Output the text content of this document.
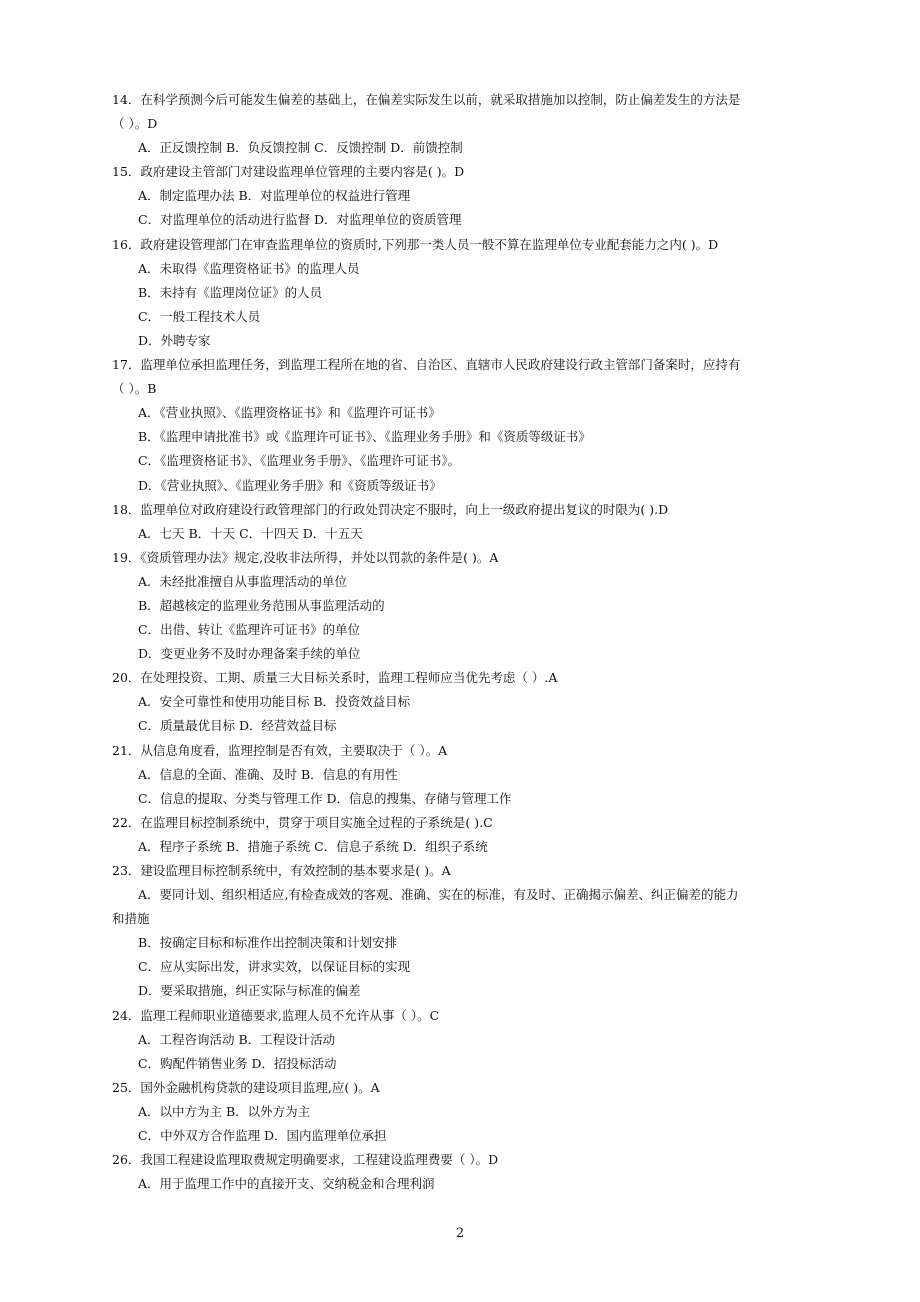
14．在科学预测今后可能发生偏差的基础上，在偏差实际发生以前，就采取措施加以控制，防止偏差发生的方法是
（ ）。D
A．正反馈控制 B．负反馈控制 C．反馈控制 D．前馈控制
15．政府建设主管部门对建设监理单位管理的主要内容是( )。D
A．制定监理办法 B．对监理单位的权益进行管理
C．对监理单位的活动进行监督 D．对监理单位的资质管理
16．政府建设管理部门在审查监理单位的资质时,下列那一类人员一般不算在监理单位专业配套能力之内( )。D
A．未取得《监理资格证书》的监理人员
B．未持有《监理岗位证》的人员
C．一般工程技术人员
D．外聘专家
17．监理单位承担监理任务，到监理工程所在地的省、自治区、直辖市人民政府建设行政主管部门备案时，应持有
（ ）。B
A．《营业执照》、《监理资格证书》和《监理许可证书》
B．《监理申请批准书》或《监理许可证书》、《监理业务手册》和《资质等级证书》
C．《监理资格证书》、《监理业务手册》、《监理许可证书》。
D．《营业执照》、《监理业务手册》和《资质等级证书》
18．监理单位对政府建设行政管理部门的行政处罚决定不服时，向上一级政府提出复议的时限为( ).D
A．七天 B．十天 C．十四天 D．十五天
19．《资质管理办法》规定,没收非法所得，并处以罚款的条件是( )。A
A．未经批准擅自从事监理活动的单位
B．超越核定的监理业务范围从事监理活动的
C．出借、转让《监理许可证书》的单位
D．变更业务不及时办理备案手续的单位
20．在处理投资、工期、质量三大目标关系时，监理工程师应当优先考虑（ ）.A
A．安全可靠性和使用功能目标 B．投资效益目标
C．质量最优目标 D．经营效益目标
21．从信息角度看，监理控制是否有效，主要取决于（ ）。A
A．信息的全面、准确、及时 B．信息的有用性
C．信息的提取、分类与管理工作 D．信息的搜集、存储与管理工作
22．在监理目标控制系统中，贯穿于项目实施全过程的子系统是( ).C
A．程序子系统 B．措施子系统 C．信息子系统 D．组织子系统
23．建设监理目标控制系统中，有效控制的基本要求是( )。A
A．要同计划、组织相适应,有检查成效的客观、准确、实在的标准，有及时、正确揭示偏差、纠正偏差的能力
和措施
B．按确定目标和标准作出控制决策和计划安排
C．应从实际出发，讲求实效，以保证目标的实现
D．要采取措施，纠正实际与标准的偏差
24．监理工程师职业道德要求,监理人员不允许从事（ ）。C
A．工程咨询活动 B．工程设计活动
C．购配件销售业务 D．招投标活动
25．国外金融机构贷款的建设项目监理,应( )。A
A．以中方为主 B．以外方为主
C．中外双方合作监理 D．国内监理单位承担
26．我国工程建设监理取费规定明确要求，工程建设监理费要（ ）。D
A．用于监理工作中的直接开支、交纳税金和合理利润
2
